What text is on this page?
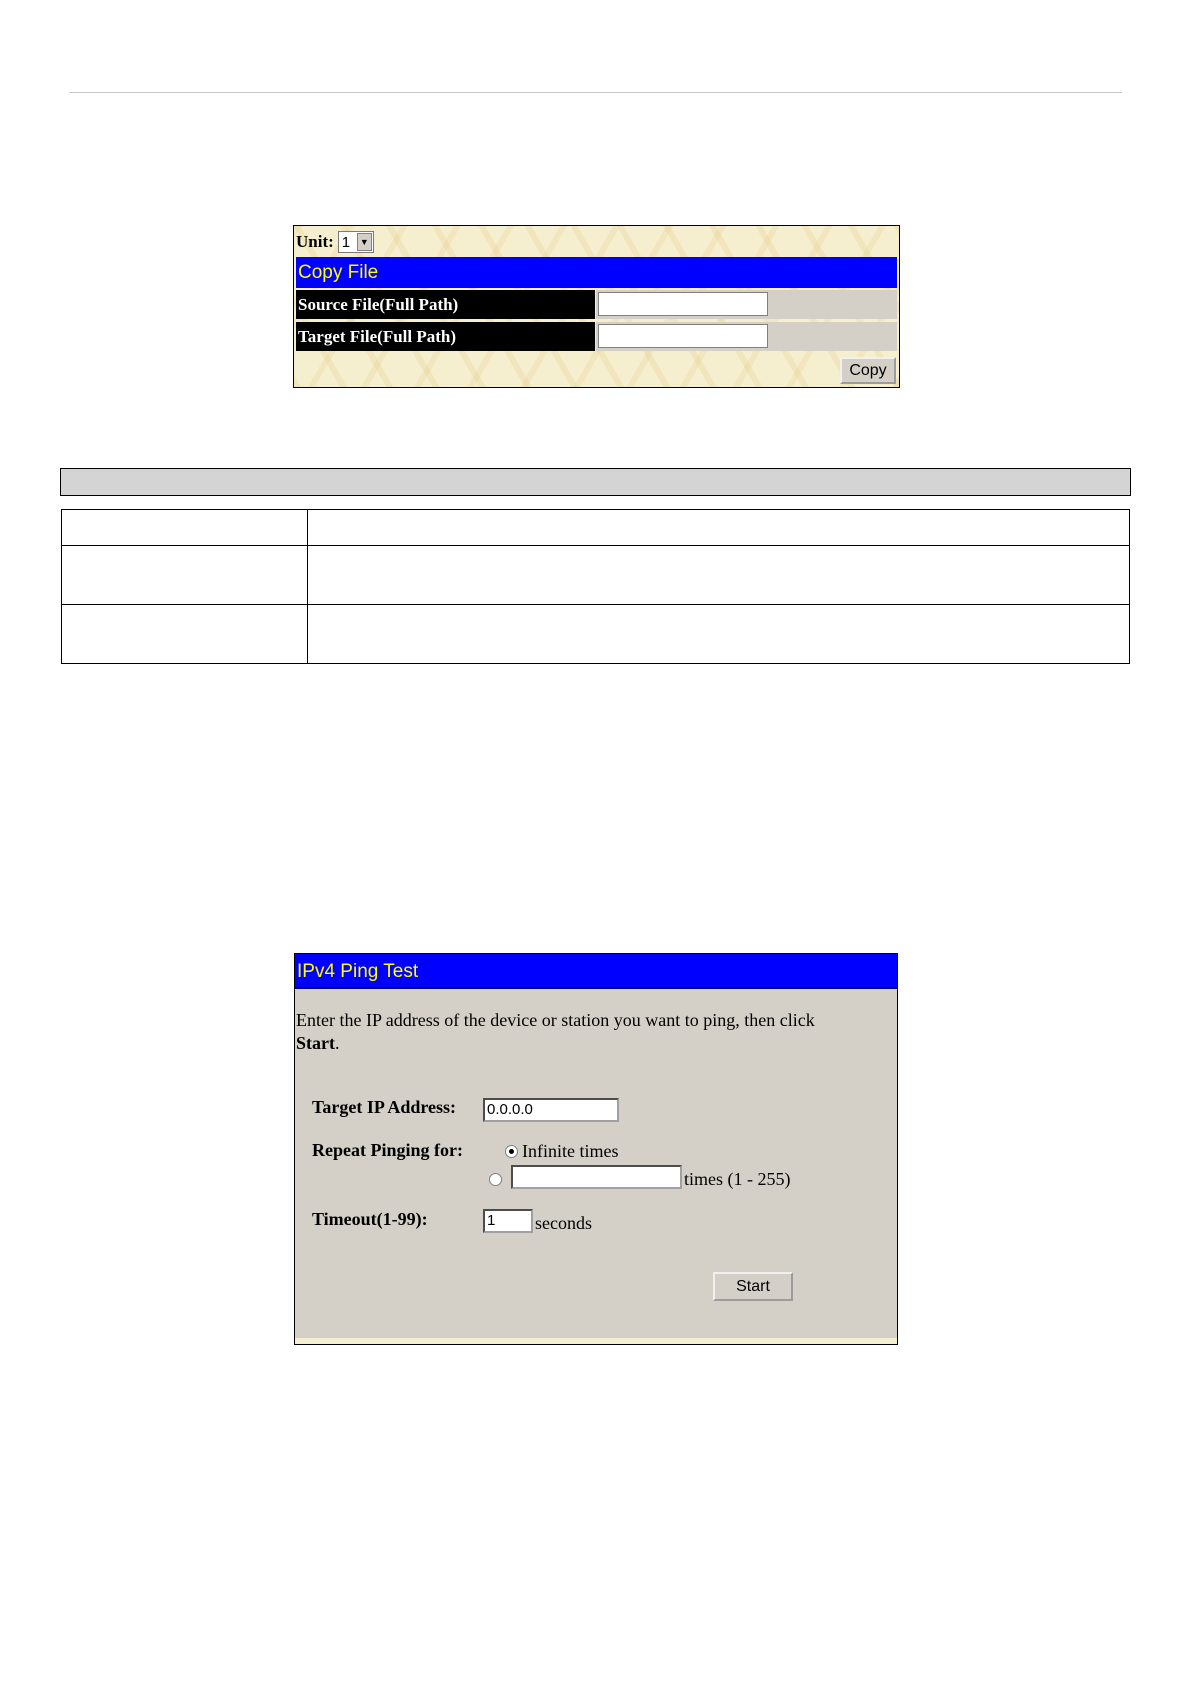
Unit: 1	▼
Copy File
Source File(Full Path)
Target File(Full Path)
Copy

IPv4 Ping Test
Enter the IP address of the device or station you want to ping, then click
Start.
Target IP Address: 0.0.0.0
Repeat Pinging for:	Infinite times
times (1 - 255)
Timeout(1-99):	1	seconds
Start
